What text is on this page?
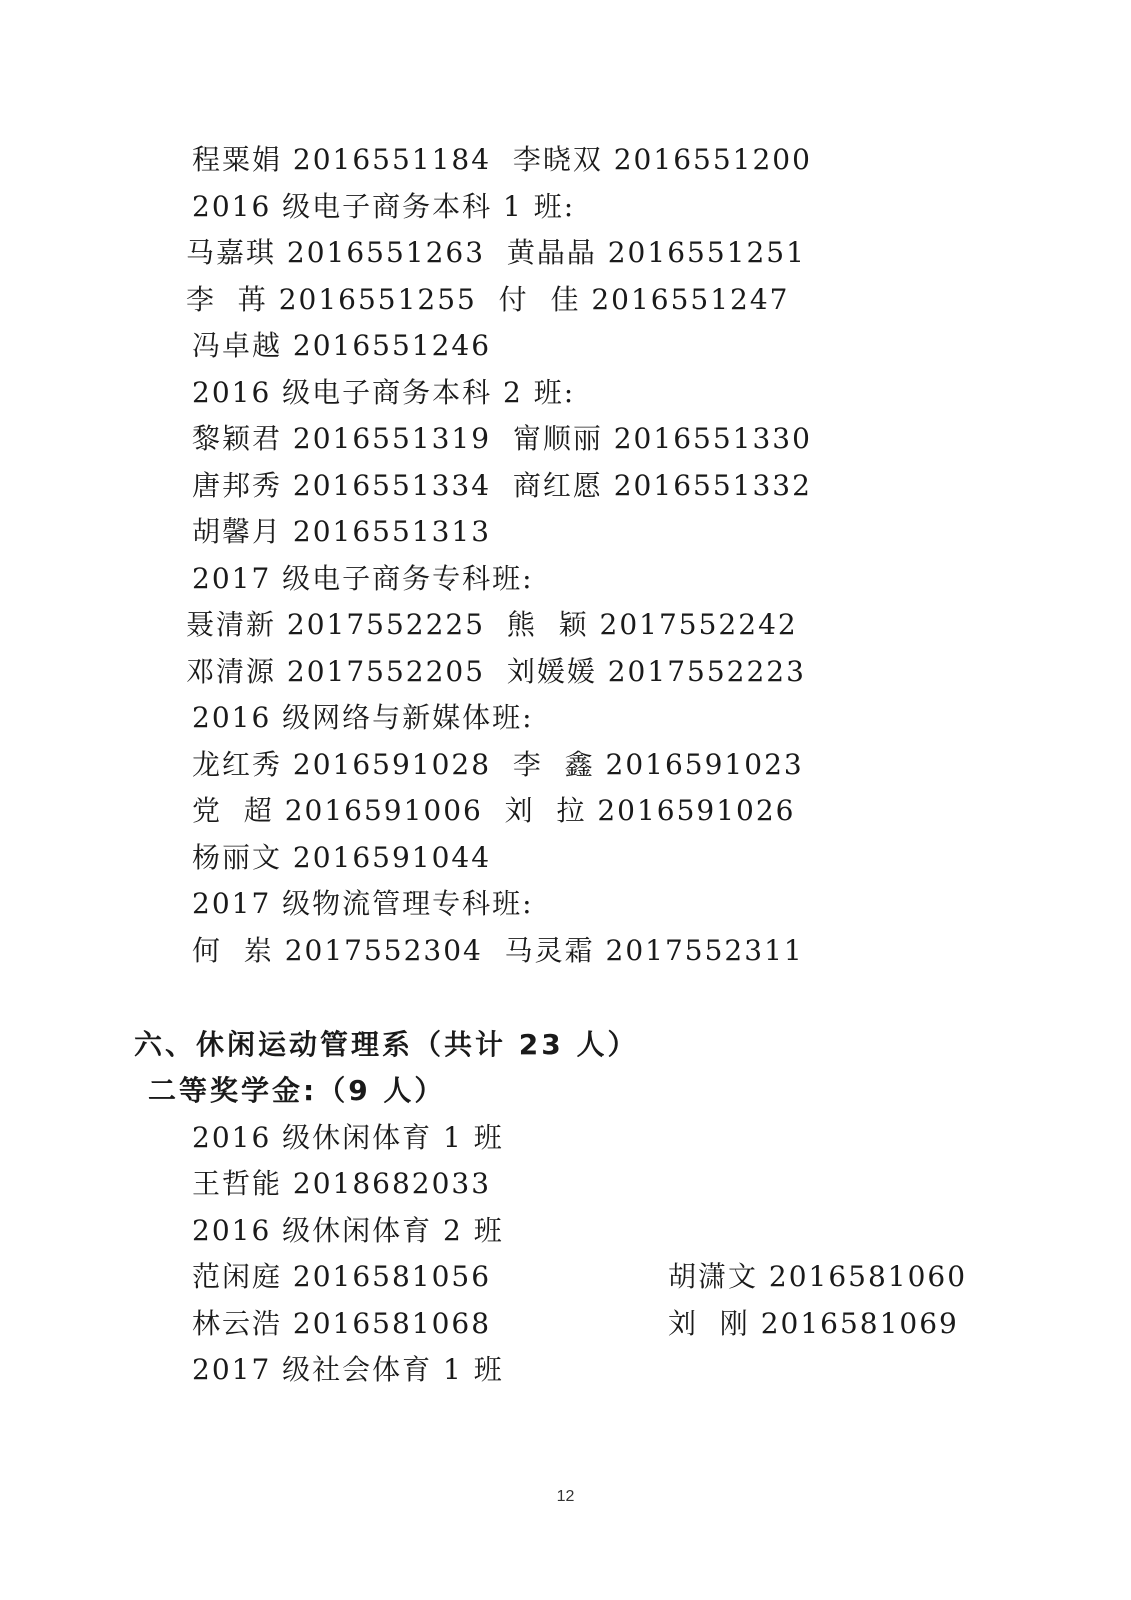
程粟娟 2016551184  李晓双 2016551200
2016 级电子商务本科 1 班:
马嘉琪 2016551263  黄晶晶 2016551251
李  苒 2016551255  付  佳 2016551247
冯卓越 2016551246
2016 级电子商务本科 2 班:
黎颖君 2016551319  甯顺丽 2016551330
唐邦秀 2016551334  商红愿 2016551332
胡馨月 2016551313
2017 级电子商务专科班:
聂清新 2017552225  熊  颖 2017552242
邓清源 2017552205  刘媛媛 2017552223
2016 级网络与新媒体班:
龙红秀 2016591028  李  鑫 2016591023
党  超 2016591006  刘  拉 2016591026
杨丽文 2016591044
2017 级物流管理专科班:
何  岽 2017552304  马灵霜 2017552311
六、休闲运动管理系（共计 23 人）
二等奖学金:（9 人）
2016 级休闲体育 1 班
王哲能 2018682033
2016 级休闲体育 2 班
范闲庭 2016581056
林云浩 2016581068
2017 级社会体育 1 班
胡潇文 2016581060
刘  刚 2016581069
12
